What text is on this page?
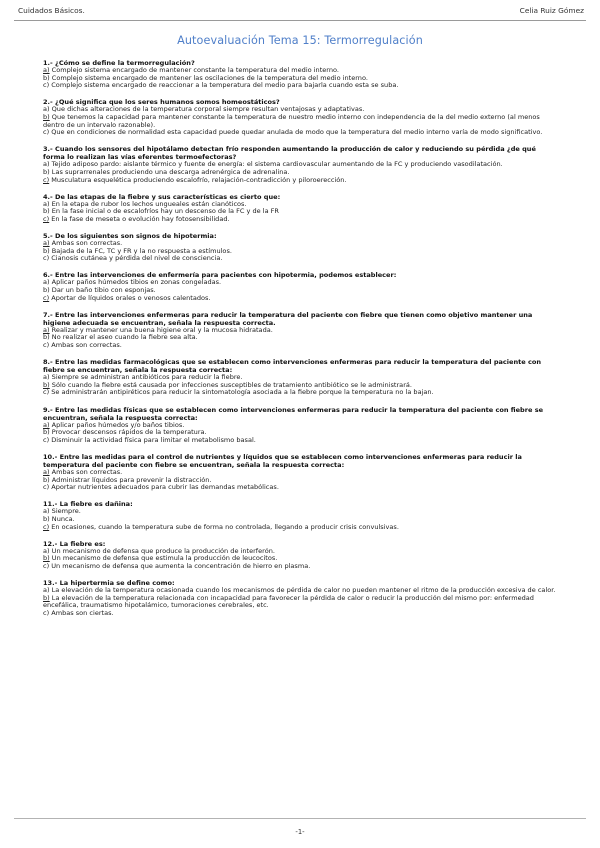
Cuidados Básicos.	Celia Ruiz Gómez
Autoevaluación Tema 15: Termorregulación
1.- ¿Cómo se define la termorregulación?
a) Complejo sistema encargado de mantener constante la temperatura del medio interno.
b) Complejo sistema encargado de mantener las oscilaciones de la temperatura del medio interno.
c) Complejo sistema encargado de reaccionar a la temperatura del medio para bajarla cuando esta se suba.
2.- ¿Qué significa que los seres humanos somos homeostáticos?
a) Que dichas alteraciones de la temperatura corporal siempre resultan ventajosas y adaptativas.
b) Que tenemos la capacidad para mantener constante la temperatura de nuestro medio interno con independencia de la del medio externo (al menos dentro de un intervalo razonable).
c) Que en condiciones de normalidad esta capacidad puede quedar anulada de modo que la temperatura del medio interno varía de modo significativo.
3.- Cuando los sensores del hipotálamo detectan frío responden aumentando la producción de calor y reduciendo su pérdida ¿de qué forma lo realizan las vías eferentes termoefectoras?
a) Tejido adiposo pardo: aislante térmico y fuente de energía: el sistema cardiovascular aumentando de la FC y produciendo vasodilatación.
b) Las suprarrenales produciendo una descarga adrenérgica de adrenalina.
c) Musculatura esquelética produciendo escalofrío, relajación-contradicción y piloroerección.
4.- De las etapas de la fiebre y sus características es cierto que:
a) En la etapa de rubor los lechos ungueales están cianóticos.
b) En la fase inicial o de escalofríos hay un descenso de la FC y de la FR
c) En la fase de meseta o evolución hay fotosensibilidad.
5.- De los siguientes son signos de hipotermia:
a) Ambas son correctas.
b) Bajada de la FC, TC y FR y la no respuesta a estímulos.
c) Cianosis cutánea y pérdida del nivel de consciencia.
6.- Entre las intervenciones de enfermería para pacientes con hipotermia, podemos establecer:
a) Aplicar paños húmedos tibios en zonas congeladas.
b) Dar un baño tibio con esponjas.
c) Aportar de líquidos orales o venosos calentados.
7.- Entre las intervenciones enfermeras para reducir la temperatura del paciente con fiebre que tienen como objetivo mantener una higiene adecuada se encuentran, señala la respuesta correcta.
a) Realizar y mantener una buena higiene oral y la mucosa hidratada.
b) No realizar el aseo cuando la fiebre sea alta.
c) Ambas son correctas.
8.- Entre las medidas farmacológicas que se establecen como intervenciones enfermeras para reducir la temperatura del paciente con fiebre se encuentran, señala la respuesta correcta:
a) Siempre se administran antibióticos para reducir la fiebre.
b) Sólo cuando la fiebre está causada por infecciones susceptibles de tratamiento antibiótico se le administrará.
c) Se administrarán antipiréticos para reducir la sintomatología asociada a la fiebre porque la temperatura no la bajan.
9.- Entre las medidas físicas que se establecen como intervenciones enfermeras para reducir la temperatura del paciente con fiebre se encuentran, señala la respuesta correcta:
a) Aplicar paños húmedos y/o baños tibios.
b) Provocar descensos rápidos de la temperatura.
c) Disminuir la actividad física para limitar el metabolismo basal.
10.- Entre las medidas para el control de nutrientes y líquidos que se establecen como intervenciones enfermeras para reducir la temperatura del paciente con fiebre se encuentran, señala la respuesta correcta:
a) Ambas son correctas.
b) Administrar líquidos para prevenir la distracción.
c) Aportar nutrientes adecuados para cubrir las demandas metabólicas.
11.- La fiebre es dañina:
a) Siempre.
b) Nunca.
c) En ocasiones, cuando la temperatura sube de forma no controlada, llegando a producir crisis convulsivas.
12.- La fiebre es:
a) Un mecanismo de defensa que produce la producción de interferón.
b) Un mecanismo de defensa que estimula la producción de leucocitos.
c) Un mecanismo de defensa que aumenta la concentración de hierro en plasma.
13.- La hipertermia se define como:
a) La elevación de la temperatura ocasionada cuando los mecanismos de pérdida de calor no pueden mantener el ritmo de la producción excesiva de calor.
b) La elevación de la temperatura relacionada con incapacidad para favorecer la pérdida de calor o reducir la producción del mismo por: enfermedad encefálica, traumatismo hipotalámico, tumoraciones cerebrales, etc.
c) Ambas son ciertas.
-1-
